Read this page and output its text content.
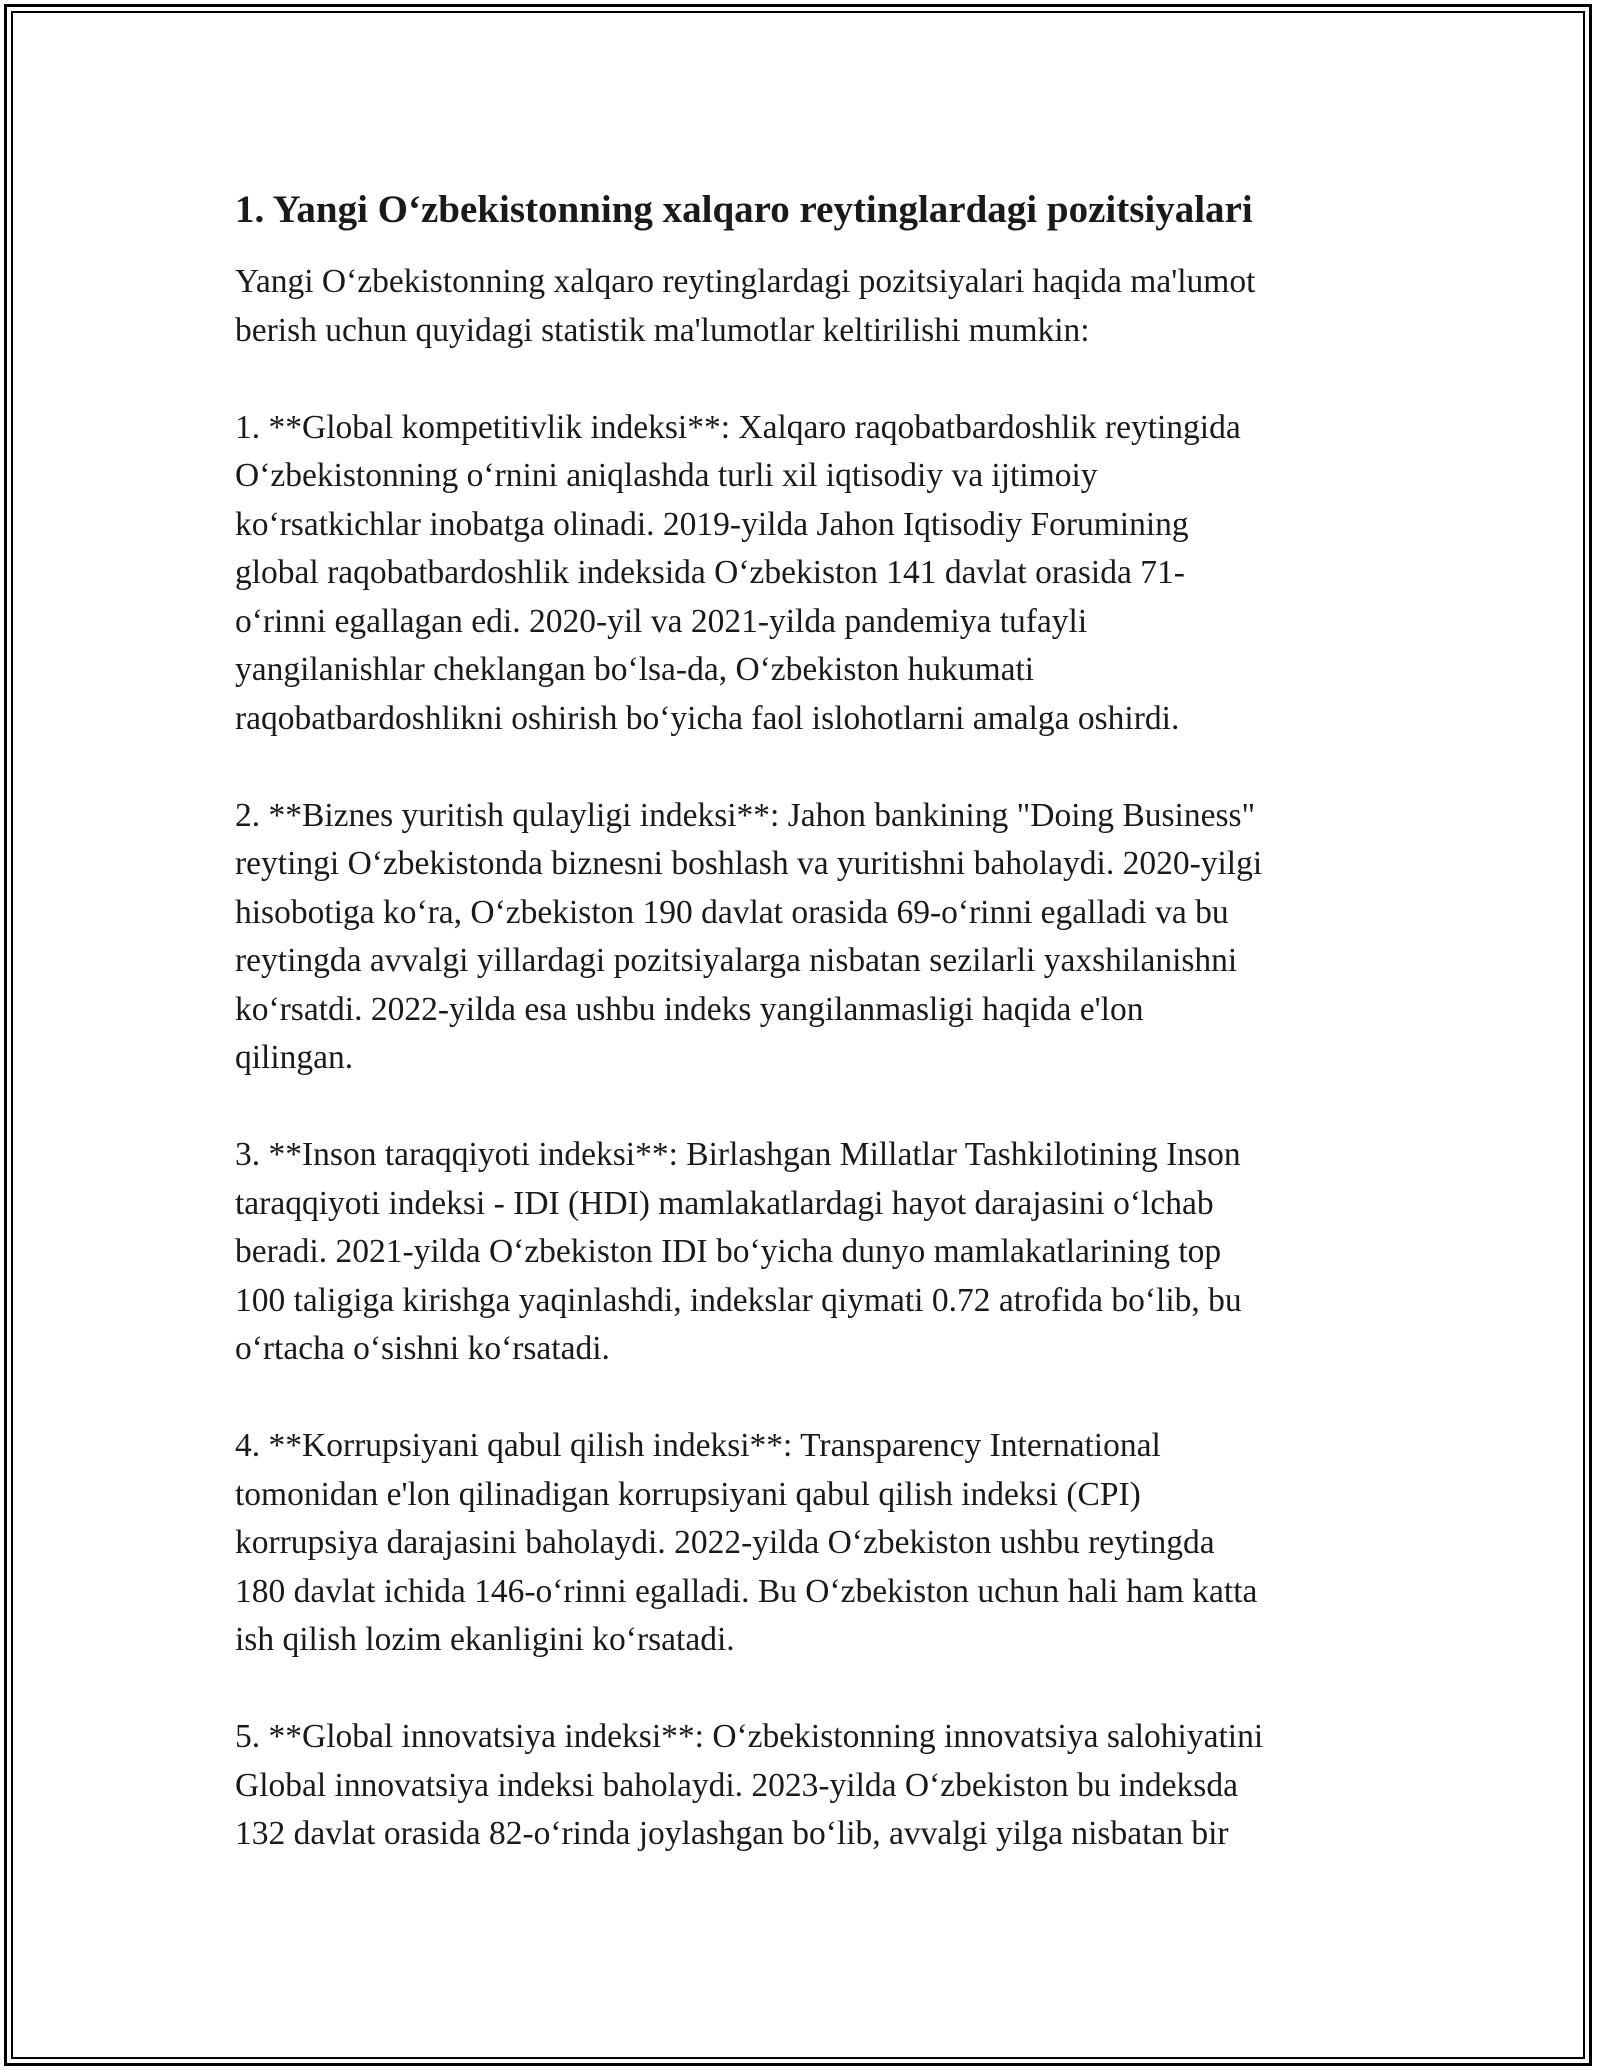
1. Yangi O‘zbekistonning xalqaro reytinglardagi pozitsiyalari

Yangi O‘zbekistonning xalqaro reytinglardagi pozitsiyalari haqida ma'lumot
berish uchun quyidagi statistik ma'lumotlar keltirilishi mumkin:

1. **Global kompetitivlik indeksi**: Xalqaro raqobatbardoshlik reytingida
O‘zbekistonning o‘rnini aniqlashda turli xil iqtisodiy va ijtimoiy
ko‘rsatkichlar inobatga olinadi. 2019-yilda Jahon Iqtisodiy Forumining
global raqobatbardoshlik indeksida O‘zbekiston 141 davlat orasida 71-
o‘rinni egallagan edi. 2020-yil va 2021-yilda pandemiya tufayli
yangilanishlar cheklangan bo‘lsa-da, O‘zbekiston hukumati
raqobatbardoshlikni oshirish bo‘yicha faol islohotlarni amalga oshirdi.

2. **Biznes yuritish qulayligi indeksi**: Jahon bankining "Doing Business"
reytingi O‘zbekistonda biznesni boshlash va yuritishni baholaydi. 2020-yilgi
hisobotiga ko‘ra, O‘zbekiston 190 davlat orasida 69-o‘rinni egalladi va bu
reytingda avvalgi yillardagi pozitsiyalarga nisbatan sezilarli yaxshilanishni
ko‘rsatdi. 2022-yilda esa ushbu indeks yangilanmasligi haqida e'lon
qilingan.

3. **Inson taraqqiyoti indeksi**: Birlashgan Millatlar Tashkilotining Inson
taraqqiyoti indeksi - IDI (HDI) mamlakatlardagi hayot darajasini o‘lchab
beradi. 2021-yilda O‘zbekiston IDI bo‘yicha dunyo mamlakatlarining top
100 taligiga kirishga yaqinlashdi, indekslar qiymati 0.72 atrofida bo‘lib, bu
o‘rtacha o‘sishni ko‘rsatadi.

4. **Korrupsiyani qabul qilish indeksi**: Transparency International
tomonidan e'lon qilinadigan korrupsiyani qabul qilish indeksi (CPI)
korrupsiya darajasini baholaydi. 2022-yilda O‘zbekiston ushbu reytingda
180 davlat ichida 146-o‘rinni egalladi. Bu O‘zbekiston uchun hali ham katta
ish qilish lozim ekanligini ko‘rsatadi.

5. **Global innovatsiya indeksi**: O‘zbekistonning innovatsiya salohiyatini
Global innovatsiya indeksi baholaydi. 2023-yilda O‘zbekiston bu indeksda
132 davlat orasida 82-o‘rinda joylashgan bo‘lib, avvalgi yilga nisbatan bir
